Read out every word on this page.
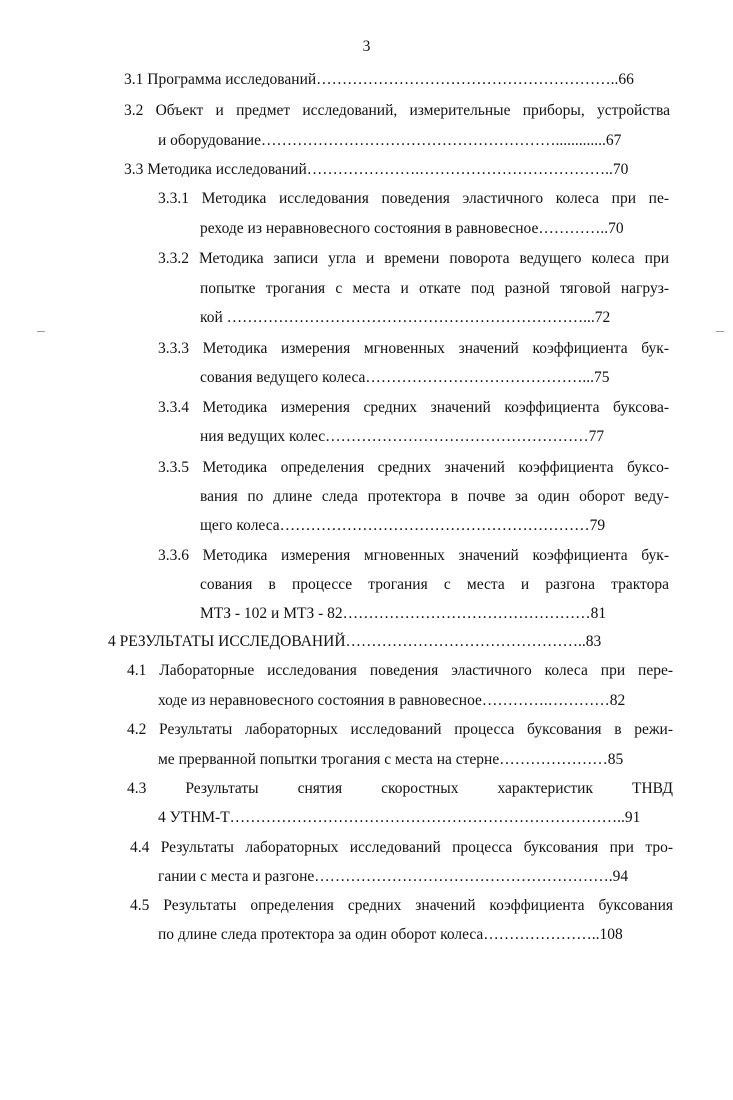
3
3.1 Программа исследований…………………………………………………..66
3.2 Объект и предмет исследований, измерительные приборы, устройства
и оборудование………………………………………………….............67
3.3 Методика исследований………………….………………………………..70
3.3.1 Методика исследования поведения эластичного колеса при пе-
реходе из неравновесного состояния в равновесное…………..70
3.3.2 Методика записи угла и времени поворота ведущего колеса при
попытке трогания с места и откате под разной тяговой нагруз-
кой ……………………………………………………………...72
3.3.3 Методика измерения мгновенных значений коэффициента бук-
сования ведущего колеса……………………………………...75
3.3.4 Методика измерения средних значений коэффициента буксова-
ния ведущих колес……………………………………………77
3.3.5 Методика определения средних значений коэффициента буксо-
вания по длине следа протектора в почве за один оборот веду-
щего колеса……………………………………………………79
3.3.6 Методика измерения мгновенных значений коэффициента бук-
сования в процессе трогания с места и разгона трактора
МТЗ - 102 и МТЗ - 82…………………………………………81
4 РЕЗУЛЬТАТЫ ИССЛЕДОВАНИЙ………………………………………..83
4.1 Лабораторные исследования поведения эластичного колеса при пере-
ходе из неравновесного состояния в равновесное………….…………82
4.2 Результаты лабораторных исследований процесса буксования в режи-
ме прерванной попытки трогания с места на стерне…………………85
4.3 Результаты снятия скоростных характеристик ТНВД
4 УТНМ-Т…………………………………………………………………..91
4.4 Результаты лабораторных исследований процесса буксования при тро-
гании с места и разгоне………………………………………………….94
4.5 Результаты определения средних значений коэффициента буксования
по длине следа протектора за один оборот колеса…………………..108
